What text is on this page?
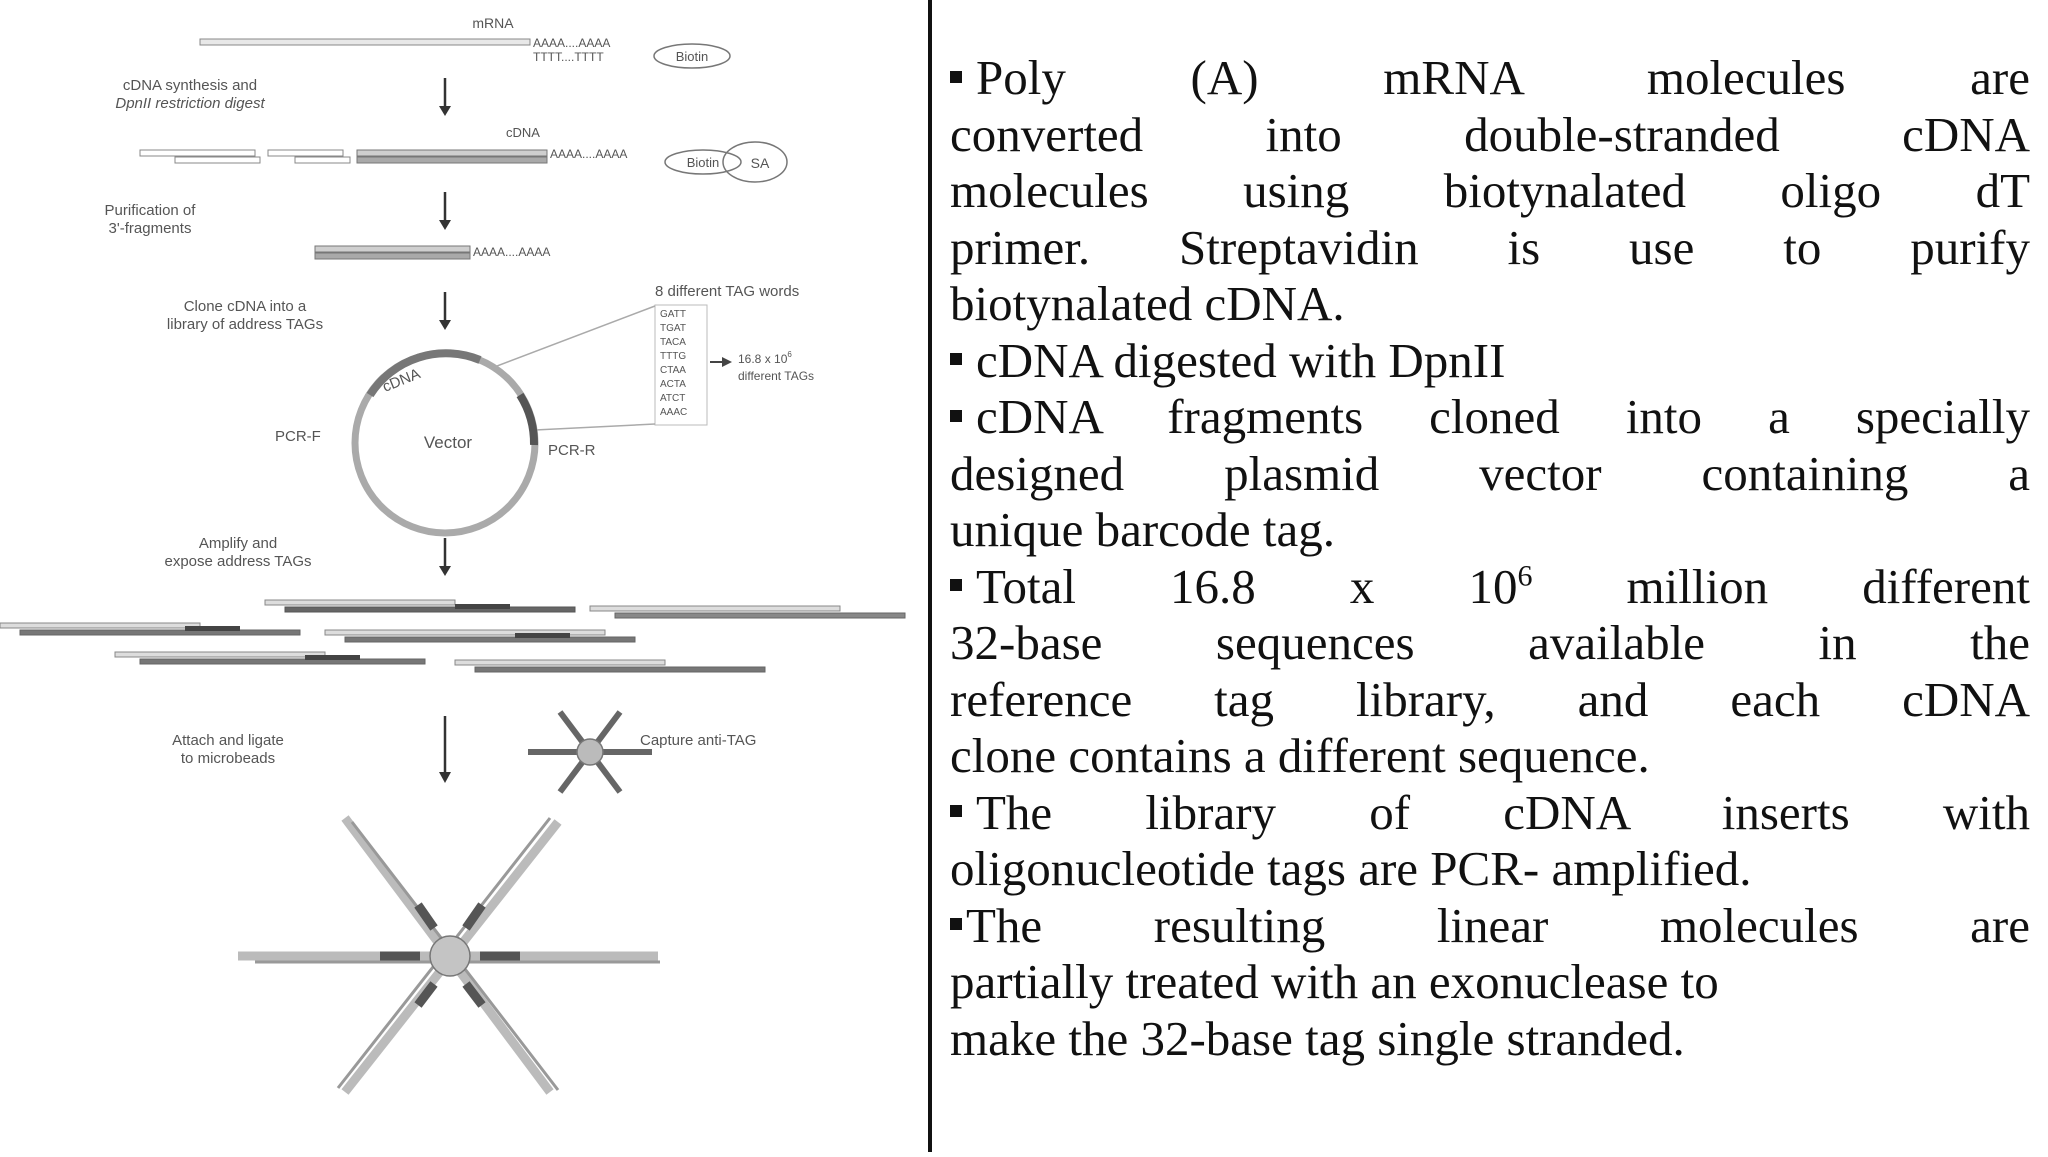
mRNA
AAAA....AAAA
TTTT....TTTT	Biotin
cDNA synthesis and
DpnII restriction digest
cDNA
AAAA....AAAA
Biotin SA
Purification of
3'-fragments
AAAA....AAAA
Clone cDNA into a
library of address TAGs
8 different TAG words
GATT
TGAT
TACA
TTTG
CTAA
ACTA
ATCT
AAAC
16.8 x $10^6$
different TAGs
cDNA
Vector
PCR-F
PCR-R
Amplify and
expose address TAGs
Attach and ligate
to microbeads
Capture anti-TAG
Poly (A) mRNA molecules are
converted into double-stranded cDNA
molecules using biotynalated oligo dT
primer. Streptavidin is use to purify
biotynalated cDNA.
cDNA digested with DpnII
cDNA fragments cloned into a specially
designed plasmid vector containing a
unique barcode tag.
Total 16.8 x $10^6$ million different
32-base sequences available in the
reference tag library, and each cDNA
clone contains a different sequence.
The library of cDNA inserts with
oligonucleotide tags are PCR- amplified.
The resulting linear molecules are
partially treated with an exonuclease to
make the 32-base tag single stranded.
